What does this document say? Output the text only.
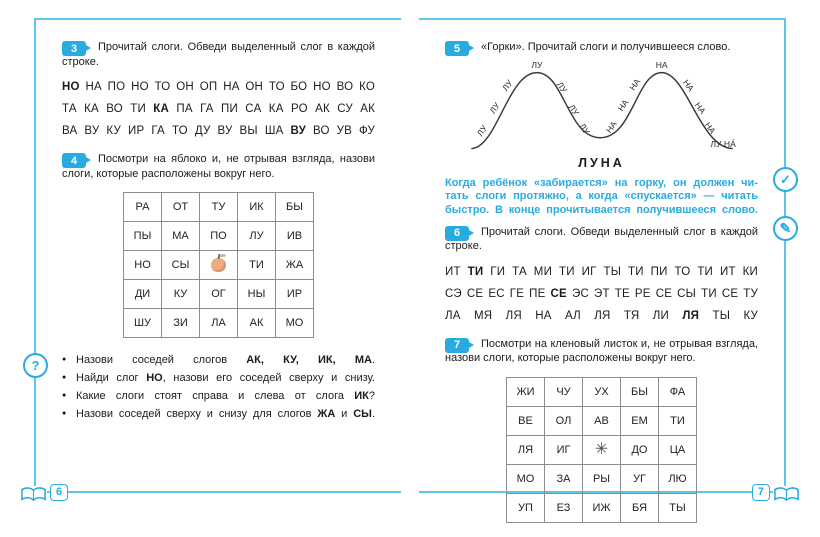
3	Прочитай слоги. Обведи выделенный слог в каждой строке.

НО НА ПО НО ТО ОН ОП НА ОН ТО БО НО ВО КО
ТА КА ВО ТИ КА ПА ГА ПИ СА КА РО АК СУ АК
ВА ВУ КУ ИР ГА ТО ДУ ВУ ВЫ ША ВУ ВО УВ ФУ
4	Посмотри на яблоко и, не отрывая взгляда, назови слоги, которые расположены вокруг него.

РА	ОТ	ТУ	ИК	БЫ
ПЫ	МА	ПО	ЛУ	ИВ
НО	СЫ		ТИ	ЖА
ДИ	КУ	ОГ	НЫ	ИР
ШУ	ЗИ	ЛА	АК	МО
● Назови соседей слогов АК, КУ, ИК, МА.
● Найди слог НО, назови его соседей сверху и снизу.
● Какие слоги стоят справа и слева от слога ИК?
● Назови соседей сверху и снизу для слогов ЖА и СЫ.
6
5	«Горки». Прочитай слоги и получившееся слово.

ЛУ
ЛУ
ЛУ
ЛУ
ЛУ
ЛУ
ЛУ НА
НА
НА
НА
НА
НА
НА
ЛУ НА́
ЛУНА
Когда ребёнок «забирается» на горку, он должен чи-
тать слоги протяжно, а когда «спускается» — читать
быстро. В конце прочитывается получившееся слово.
6	Прочитай слоги. Обведи выделенный слог в каждой строке.

ИТ ТИ ГИ ТА МИ ТИ ИГ ТЫ ТИ ПИ ТО ТИ ИТ КИ
СЭ СЕ ЕС ГЕ ПЕ СЕ ЭС ЭТ ТЕ РЕ СЕ СЫ ТИ СЕ ТУ
ЛА МЯ ЛЯ НА АЛ ЛЯ ТЯ ЛИ ЛЯ ТЫ КУ
7	Посмотри на кленовый листок и, не отрывая взгляда, назови слоги, которые расположены вокруг него.

ЖИ	ЧУ	УХ	БЫ	ФА
ВЕ	ОЛ	АВ	ЕМ	ТИ
ЛЯ	ИГ	✳	ДО	ЦА
МО	ЗА	РЫ	УГ	ЛЮ
УП	ЕЗ	ИЖ	БЯ	ТЫ
7
?
✓
✎
